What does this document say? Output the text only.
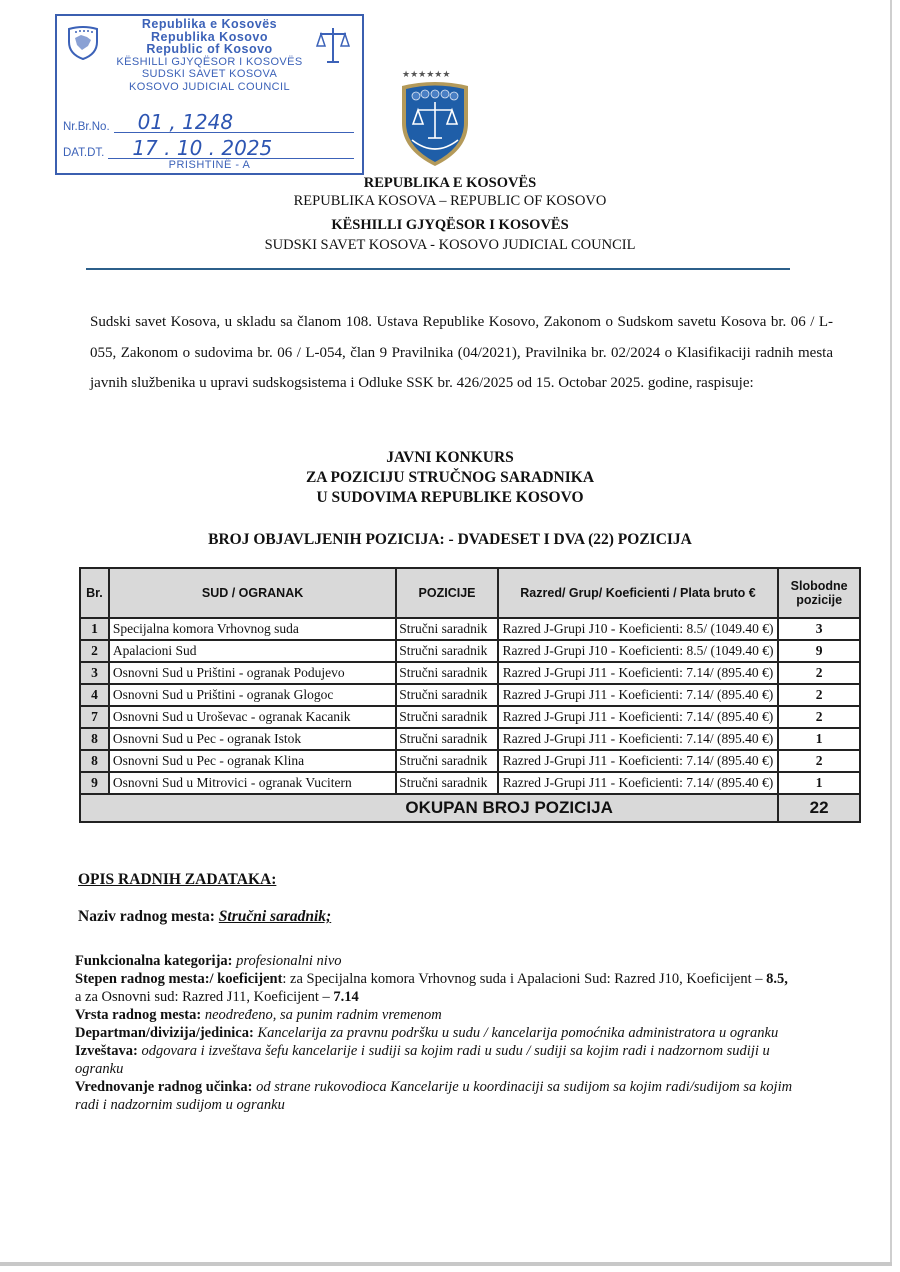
Republika e Kosovës
Republika Kosovo
Republic of Kosovo
KËSHILLI GJYQËSOR I KOSOVËS
SUDSKI SAVET KOSOVA
KOSOVO JUDICIAL COUNCIL
Nr.Br.No.	01 , 1248
DAT.DT.	17 . 10 . 2025
PRISHTINË - A
★★★★★★
REPUBLIKA E KOSOVËS
REPUBLIKA KOSOVA – REPUBLIC OF KOSOVO
KËSHILLI GJYQËSOR I KOSOVËS
SUDSKI SAVET KOSOVA - KOSOVO JUDICIAL COUNCIL
Sudski savet Kosova, u skladu sa članom 108. Ustava Republike Kosovo, Zakonom o Sudskom savetu Kosova br. 06 / L-055, Zakonom o sudovima br. 06 / L-054, član 9 Pravilnika (04/2021), Pravilnika br. 02/2024 o Klasifikaciji radnih mesta javnih službenika u upravi sudskogsistema i Odluke SSK br. 426/2025 od 15. Octobar 2025. godine, raspisuje:
JAVNI KONKURS
ZA POZICIJU STRUČNOG SARADNIKA
U SUDOVIMA REPUBLIKE KOSOVO
BROJ OBJAVLJENIH POZICIJA: - DVADESET I DVA (22) POZICIJA
Br.	SUD / OGRANAK	POZICIJE	Razred/ Grup/ Koeficienti / Plata bruto €	Slobodne pozicije
1	Specijalna komora Vrhovnog suda	Stručni saradnik	Razred J-Grupi J10 - Koeficienti: 8.5/ (1049.40 €)	3
2	Apalacioni Sud	Stručni saradnik	Razred J-Grupi J10 - Koeficienti: 8.5/ (1049.40 €)	9
3	Osnovni Sud u Prištini - ogranak Podujevo	Stručni saradnik	Razred J-Grupi J11 - Koeficienti: 7.14/ (895.40 €)	2
4	Osnovni Sud u Prištini - ogranak Glogoc	Stručni saradnik	Razred J-Grupi J11 - Koeficienti: 7.14/ (895.40 €)	2
7	Osnovni Sud u Uroševac - ogranak Kacanik	Stručni saradnik	Razred J-Grupi J11 - Koeficienti: 7.14/ (895.40 €)	2
8	Osnovni Sud u Pec - ogranak Istok	Stručni saradnik	Razred J-Grupi J11 - Koeficienti: 7.14/ (895.40 €)	1
8	Osnovni Sud u Pec - ogranak Klina	Stručni saradnik	Razred J-Grupi J11 - Koeficienti: 7.14/ (895.40 €)	2
9	Osnovni Sud u Mitrovici - ogranak Vucitern	Stručni saradnik	Razred J-Grupi J11 - Koeficienti: 7.14/ (895.40 €)	1
OKUPAN BROJ POZICIJA				22
OPIS RADNIH ZADATAKA:
Naziv radnog mesta: Stručni saradnik;

Funkcionalna kategorija: profesionalni nivo

Stepen radnog mesta:/ koeficijent: za Specijalna komora Vrhovnog suda i Apalacioni Sud: Razred J10, Koeficijent – 8.5, a za Osnovni sud: Razred J11, Koeficijent – 7.14

Vrsta radnog mesta: neodređeno, sa punim radnim vremenom

Departman/divizija/jedinica: Kancelarija za pravnu podršku u sudu / kancelarija pomoćnika administratora u ogranku

Izveštava: odgovara i izveštava šefu kancelarije i sudiji sa kojim radi u sudu / sudiji sa kojim radi i nadzornom sudiji u ogranku

Vrednovanje radnog učinka: od strane rukovodioca Kancelarije u koordinaciji sa sudijom sa kojim radi/sudijom sa kojim radi i nadzornim sudijom u ogranku
